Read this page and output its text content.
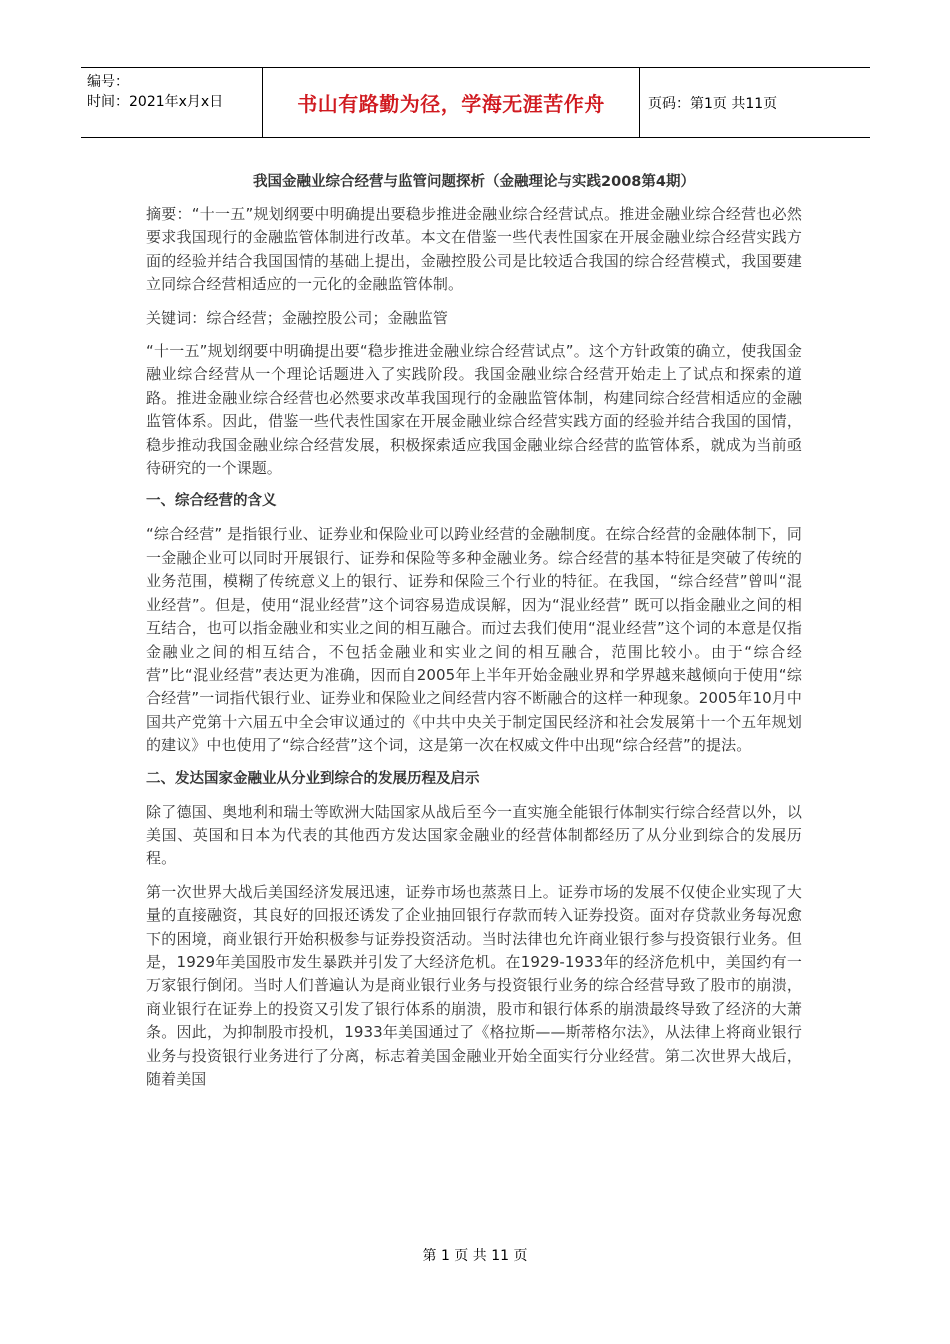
编号：
时间：2021年x月x日	书山有路勤为径，学海无涯苦作舟	页码：第1页 共11页
我国金融业综合经营与监管问题探析（金融理论与实践2008第4期）

摘要：“十一五”规划纲要中明确提出要稳步推进金融业综合经营试点。推进金融业综合经营也必然要求我国现行的金融监管体制进行改革。本文在借鉴一些代表性国家在开展金融业综合经营实践方面的经验并结合我国国情的基础上提出，金融控股公司是比较适合我国的综合经营模式，我国要建立同综合经营相适应的一元化的金融监管体制。

关键词：综合经营；金融控股公司；金融监管

“十一五”规划纲要中明确提出要“稳步推进金融业综合经营试点”。这个方针政策的确立，使我国金融业综合经营从一个理论话题进入了实践阶段。我国金融业综合经营开始走上了试点和探索的道路。推进金融业综合经营也必然要求改革我国现行的金融监管体制，构建同综合经营相适应的金融监管体系。因此，借鉴一些代表性国家在开展金融业综合经营实践方面的经验并结合我国的国情，稳步推动我国金融业综合经营发展，积极探索适应我国金融业综合经营的监管体系，就成为当前亟待研究的一个课题。

一、综合经营的含义

“综合经营” 是指银行业、证券业和保险业可以跨业经营的金融制度。在综合经营的金融体制下，同一金融企业可以同时开展银行、证券和保险等多种金融业务。综合经营的基本特征是突破了传统的业务范围，模糊了传统意义上的银行、证券和保险三个行业的特征。在我国，“综合经营”曾叫“混业经营”。但是，使用“混业经营”这个词容易造成误解，因为“混业经营” 既可以指金融业之间的相互结合，也可以指金融业和实业之间的相互融合。而过去我们使用“混业经营”这个词的本意是仅指金融业之间的相互结合，不包括金融业和实业之间的相互融合，范围比较小。由于“综合经营”比“混业经营”表达更为准确，因而自2005年上半年开始金融业界和学界越来越倾向于使用“综合经营”一词指代银行业、证券业和保险业之间经营内容不断融合的这样一种现象。2005年10月中国共产党第十六届五中全会审议通过的《中共中央关于制定国民经济和社会发展第十一个五年规划的建议》中也使用了“综合经营”这个词，这是第一次在权威文件中出现“综合经营”的提法。

二、发达国家金融业从分业到综合的发展历程及启示

除了德国、奥地利和瑞士等欧洲大陆国家从战后至今一直实施全能银行体制实行综合经营以外，以美国、英国和日本为代表的其他西方发达国家金融业的经营体制都经历了从分业到综合的发展历程。

第一次世界大战后美国经济发展迅速，证券市场也蒸蒸日上。证券市场的发展不仅使企业实现了大量的直接融资，其良好的回报还诱发了企业抽回银行存款而转入证券投资。面对存贷款业务每况愈下的困境，商业银行开始积极参与证券投资活动。当时法律也允许商业银行参与投资银行业务。但是，1929年美国股市发生暴跌并引发了大经济危机。在1929-1933年的经济危机中，美国约有一万家银行倒闭。当时人们普遍认为是商业银行业务与投资银行业务的综合经营导致了股市的崩溃，商业银行在证券上的投资又引发了银行体系的崩溃，股市和银行体系的崩溃最终导致了经济的大萧条。因此，为抑制股市投机，1933年美国通过了《格拉斯——斯蒂格尔法》，从法律上将商业银行业务与投资银行业务进行了分离，标志着美国金融业开始全面实行分业经营。第二次世界大战后，随着美国

第 1 页 共 11 页
